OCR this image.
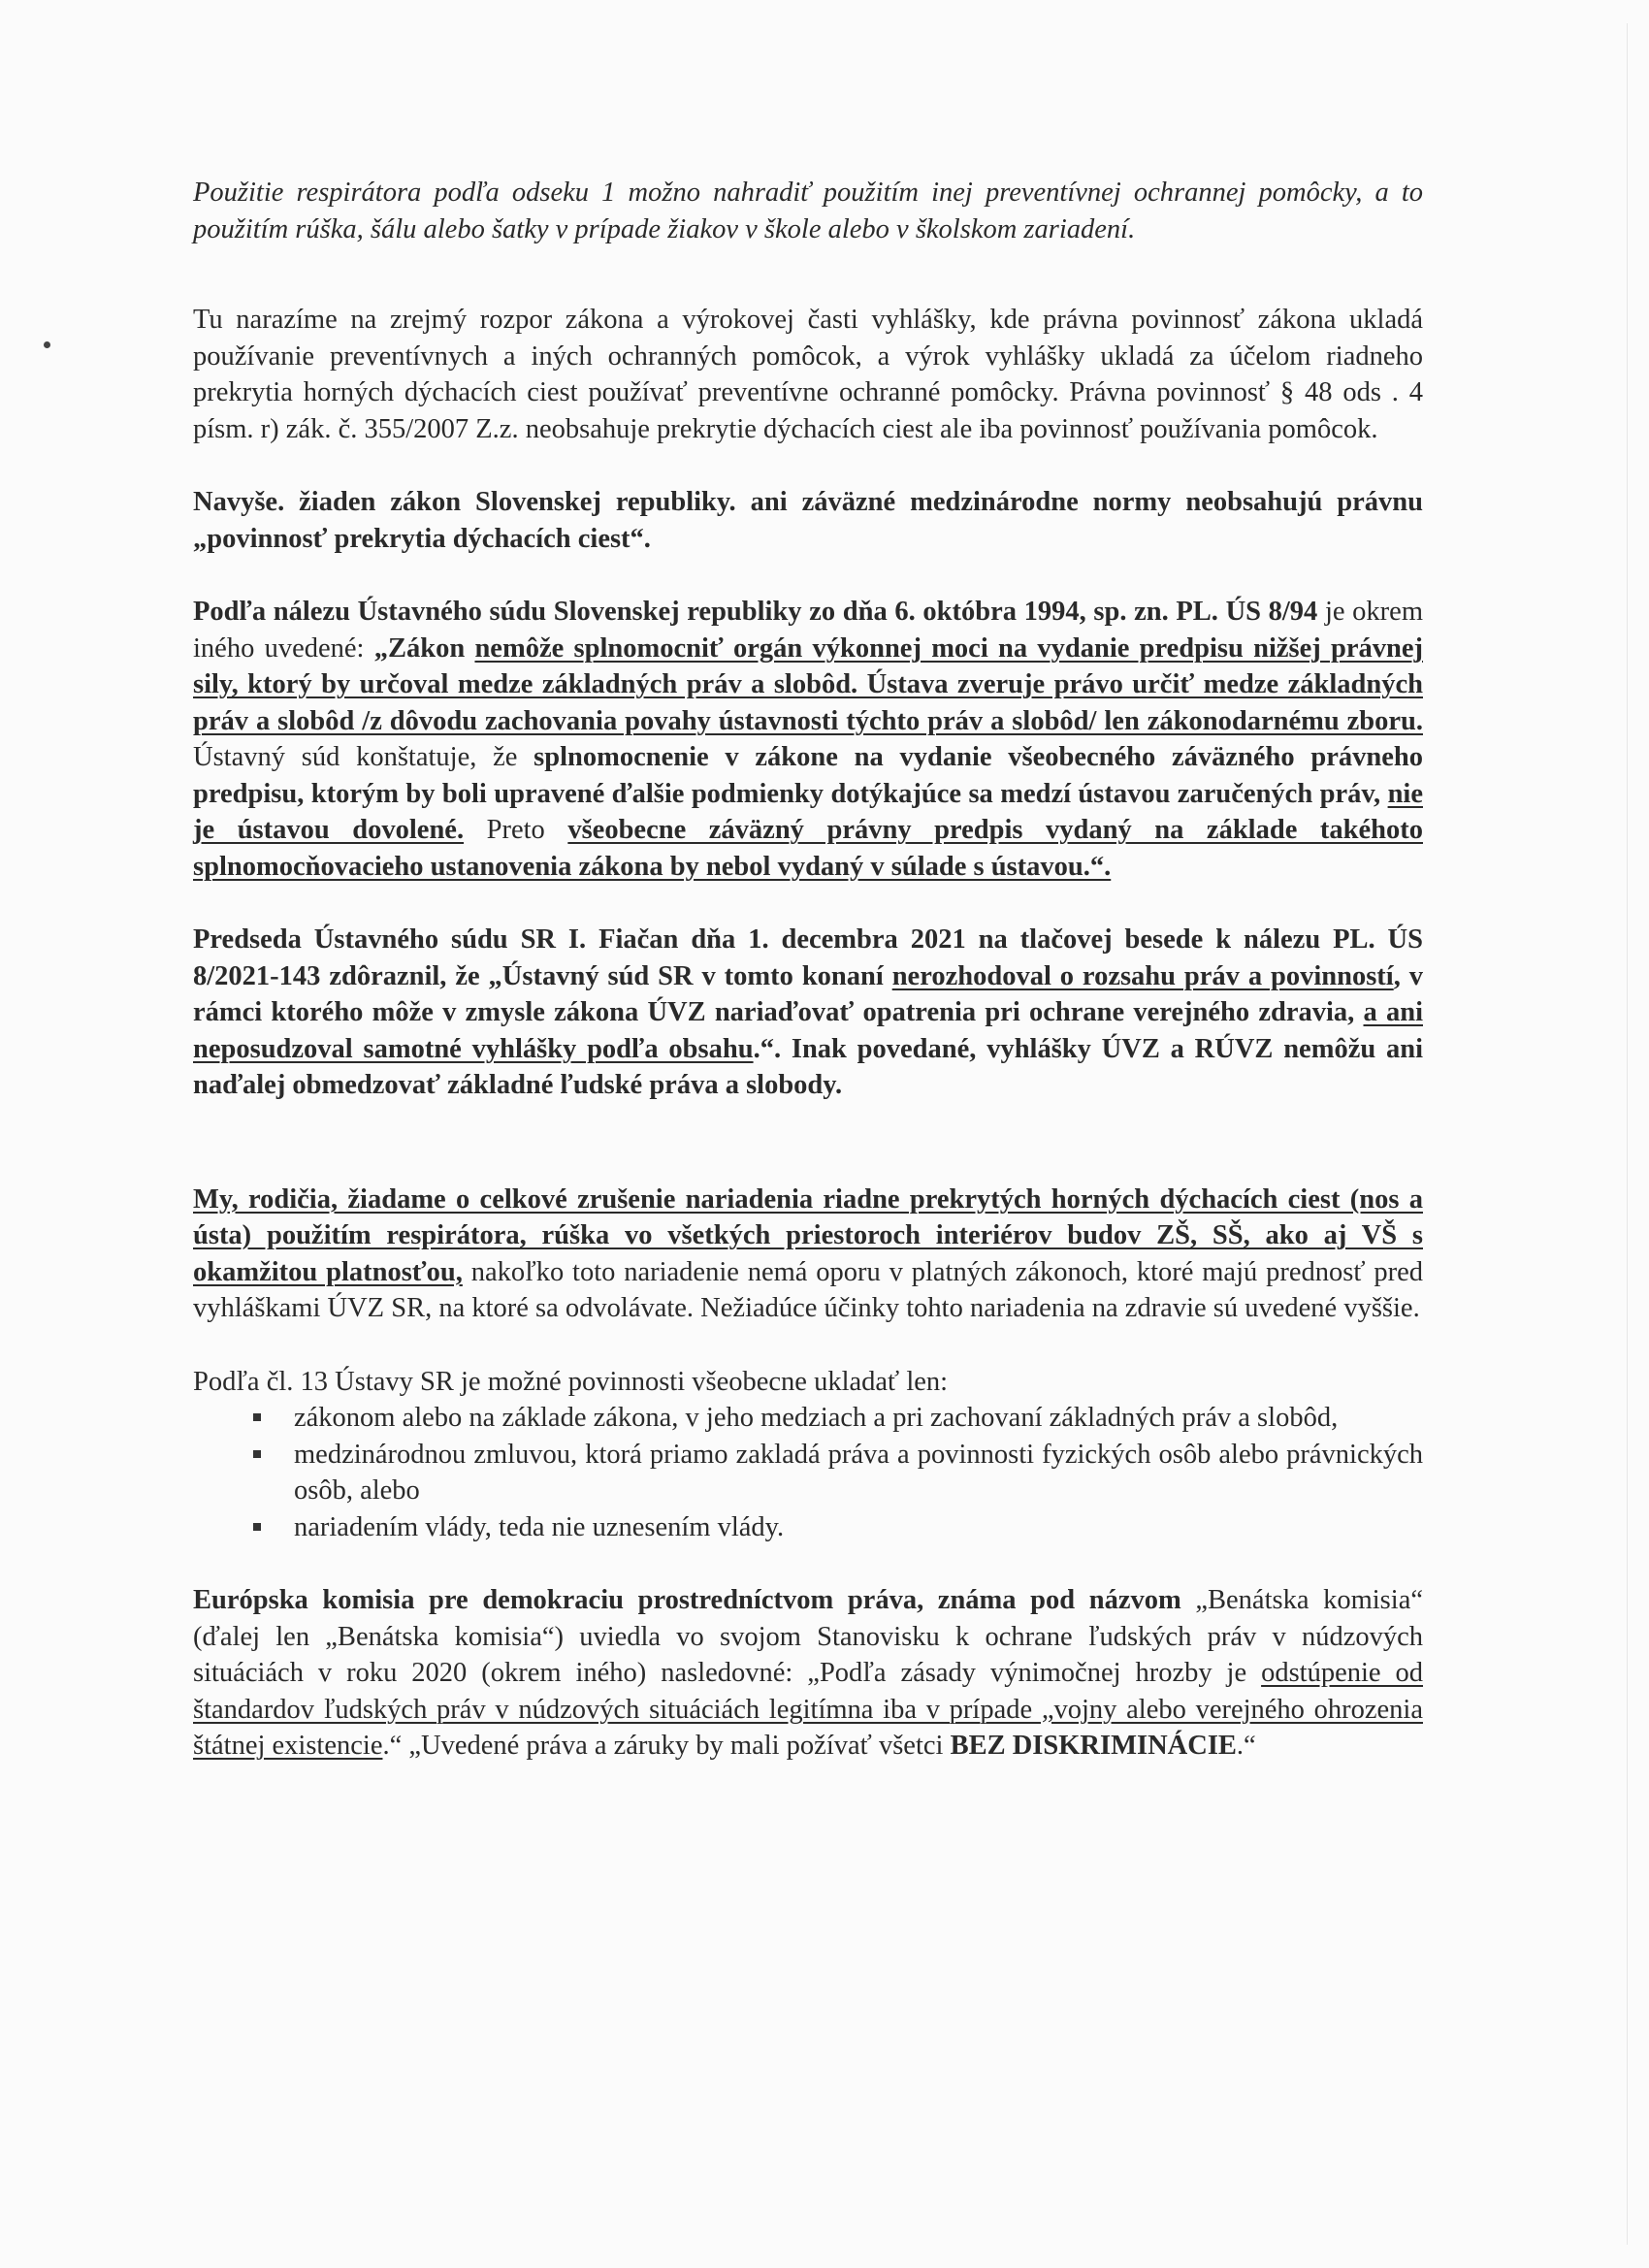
Použitie respirátora podľa odseku 1 možno nahradiť použitím inej preventívnej ochrannej pomôcky, a to použitím rúška, šálu alebo šatky v prípade žiakov v škole alebo v školskom zariadení.

Tu narazíme na zrejmý rozpor zákona a výrokovej časti vyhlášky, kde právna povinnosť zákona ukladá používanie preventívnych a iných ochranných pomôcok, a výrok vyhlášky ukladá za účelom riadneho prekrytia horných dýchacích ciest používať preventívne ochranné pomôcky. Právna povinnosť § 48 ods . 4 písm. r) zák. č. 355/2007 Z.z. neobsahuje prekrytie dýchacích ciest ale iba povinnosť používania pomôcok.

Navyše. žiaden zákon Slovenskej republiky. ani záväzné medzinárodne normy neobsahujú právnu „povinnosť prekrytia dýchacích ciest“.

Podľa nálezu Ústavného súdu Slovenskej republiky zo dňa 6. októbra 1994, sp. zn. PL. ÚS 8/94 je okrem iného uvedené: „Zákon nemôže splnomocniť orgán výkonnej moci na vydanie predpisu nižšej právnej sily, ktorý by určoval medze základných práv a slobôd. Ústava zveruje právo určiť medze základných práv a slobôd /z dôvodu zachovania povahy ústavnosti týchto práv a slobôd/ len zákonodarnému zboru. Ústavný súd konštatuje, že splnomocnenie v zákone na vydanie všeobecného záväzného právneho predpisu, ktorým by boli upravené ďalšie podmienky dotýkajúce sa medzí ústavou zaručených práv, nie je ústavou dovolené. Preto všeobecne záväzný právny predpis vydaný na základe takéhoto splnomocňovacieho ustanovenia zákona by nebol vydaný v súlade s ústavou.“.

Predseda Ústavného súdu SR I. Fiačan dňa 1. decembra 2021 na tlačovej besede k nálezu PL. ÚS 8/2021-143 zdôraznil, že „Ústavný súd SR v tomto konaní nerozhodoval o rozsahu práv a povinností, v rámci ktorého môže v zmysle zákona ÚVZ nariaďovať opatrenia pri ochrane verejného zdravia, a ani neposudzoval samotné vyhlášky podľa obsahu.“. Inak povedané, vyhlášky ÚVZ a RÚVZ nemôžu ani naďalej obmedzovať základné ľudské práva a slobody.

My, rodičia, žiadame o celkové zrušenie nariadenia riadne prekrytých horných dýchacích ciest (nos a ústa) použitím respirátora, rúška vo všetkých priestoroch interiérov budov ZŠ, SŠ, ako aj VŠ s okamžitou platnosťou, nakoľko toto nariadenie nemá oporu v platných zákonoch, ktoré majú prednosť pred vyhláškami ÚVZ SR, na ktoré sa odvolávate. Nežiadúce účinky tohto nariadenia na zdravie sú uvedené vyššie.

Podľa čl. 13 Ústavy SR je možné povinnosti všeobecne ukladať len:

zákonom alebo na základe zákona, v jeho medziach a pri zachovaní základných práv a slobôd,
medzinárodnou zmluvou, ktorá priamo zakladá práva a povinnosti fyzických osôb alebo právnických osôb, alebo
nariadením vlády, teda nie uznesením vlády.

Európska komisia pre demokraciu prostredníctvom práva, známa pod názvom „Benátska komisia“ (ďalej len „Benátska komisia“) uviedla vo svojom Stanovisku k ochrane ľudských práv v núdzových situáciách v roku 2020 (okrem iného) nasledovné: „Podľa zásady výnimočnej hrozby je odstúpenie od štandardov ľudských práv v núdzových situáciách legitímna iba v prípade „vojny alebo verejného ohrozenia štátnej existencie.“ „Uvedené práva a záruky by mali požívať všetci BEZ DISKRIMINÁCIE.“
